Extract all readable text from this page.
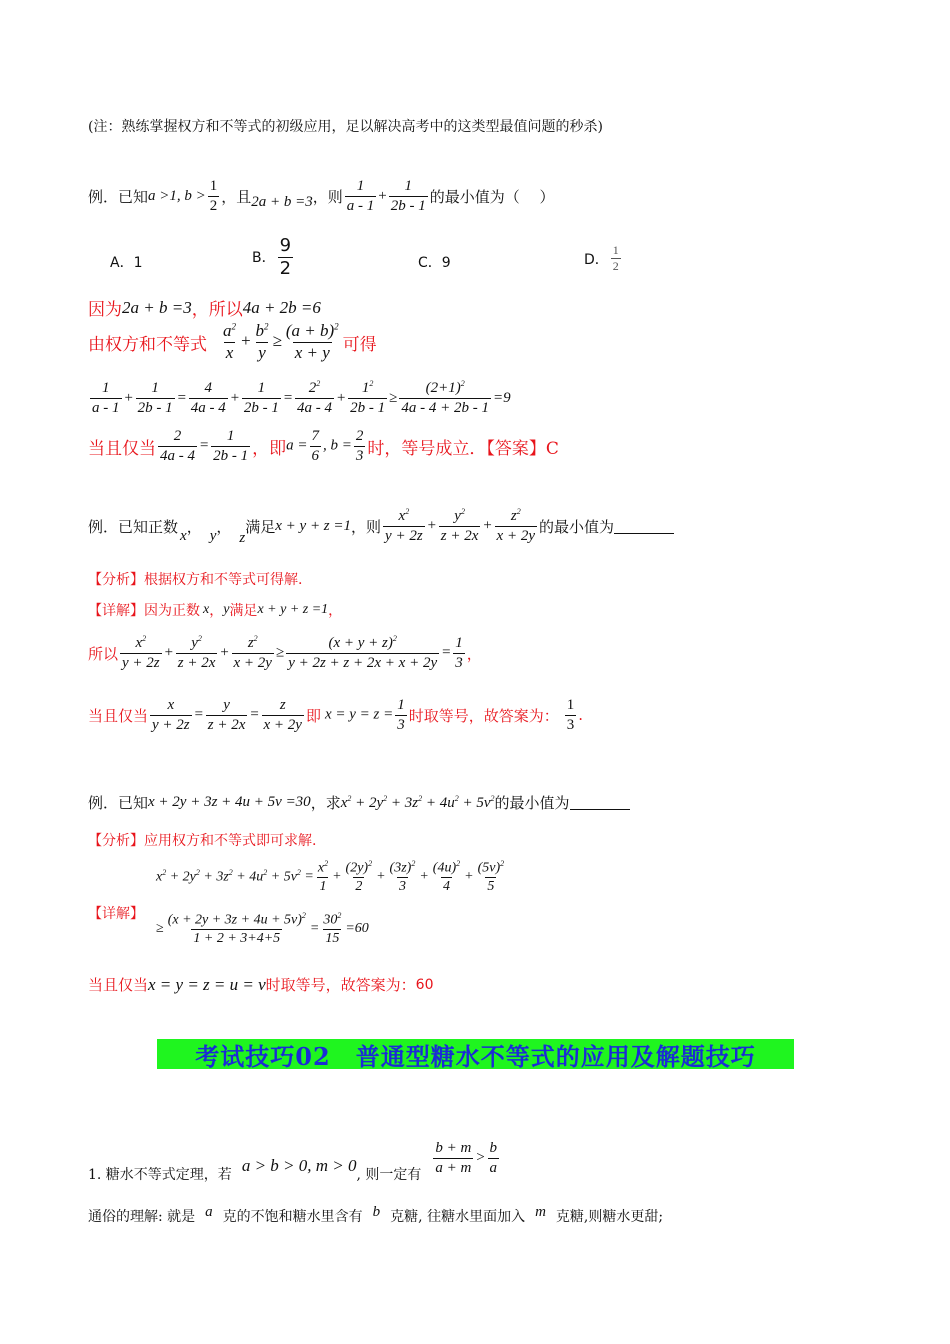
(注：熟练掌握权方和不等式的初级应用，足以解决高考中的这类型最值问题的秒杀)
例．已知 a >1, $b > \frac{1}{2}$ ，且 2a + b =3 ，则 $\frac{1}{a - 1} + \frac{1}{2b - 1}$ 的最小值为（　 ）
A．1	B． $\frac{9}{2}$	C．9	D． $\frac{1}{2}$
因为 2a + b =3 ，所以 4a + 2b =6
由权方和不等式 $\frac{a^2}{x} + \frac{b^2}{y} \ge \frac{(a + b)^2}{x + y}$ 可得
$\frac{1}{a - 1} + \frac{1}{2b - 1} = \frac{4}{4a - 4} + \frac{1}{2b - 1} = \frac{2^2}{4a - 4} + \frac{1^2}{2b - 1} \ge \frac{(2+1)^2}{4a - 4 + 2b - 1} =9$
当且仅当 $\frac{2}{4a - 4} = \frac{1}{2b - 1}$ ，即 $a = \frac{7}{6}$ , $b = \frac{2}{3}$ 时，等号成立．【答案】C
例．已知正数 x ， y ，
z
满足 x + y + z =1 ，则 $\frac{x^2}{y + 2z} + \frac{y^2}{z + 2x} + \frac{z^2}{x + 2y}$ 的最小值为
【分析】根据权方和不等式可得解.
【详解】因为正数 x ， y 满足 x + y + z =1 ，
所以 $\frac{x^2}{y + 2z} + \frac{y^2}{z + 2x} + \frac{z^2}{x + 2y} \ge \frac{(x + y + z)^2}{y + 2z + z + 2x + x + 2y} = \frac{1}{3}$ ，
当且仅当 $\frac{x}{y + 2z} = \frac{y}{z + 2x} = \frac{z}{x + 2y}$ 即 $x = y = z = \frac{1}{3}$ 时取等号，故答案为： $\frac{1}{3}$ .
例．已知 x + 2y + 3z + 4u + 5v =30 ，求 $x^2 + 2y^2 + 3z^2 + 4u^2 + 5v^2$ 的最小值为
【分析】应用权方和不等式即可求解.
$x^2 + 2y^2 + 3z^2 + 4u^2 + 5v^2 = \frac{x^2}{1} + \frac{(2y)^2}{2} + \frac{(3z)^2}{3} + \frac{(4u)^2}{4} + \frac{(5v)^2}{5}$
【详解】
≥ $\frac{(x + 2y + 3z + 4u + 5v)^2}{1 + 2 + 3+4+5} = \frac{30^2}{15} =60$
当且仅当 x = y = z = u = v 时取等号，故答案为： 60
考试技巧02　普通型糖水不等式的应用及解题技巧
1. 糖水不等式定理，若 a > b > 0, m > 0 , 则一定有 $\frac{b + m}{a + m} > \frac{b}{a}$
通俗的理解: 就是 a 克的不饱和糖水里含有 b 克糖, 往糖水里面加入 m 克糖,则糖水更甜;
